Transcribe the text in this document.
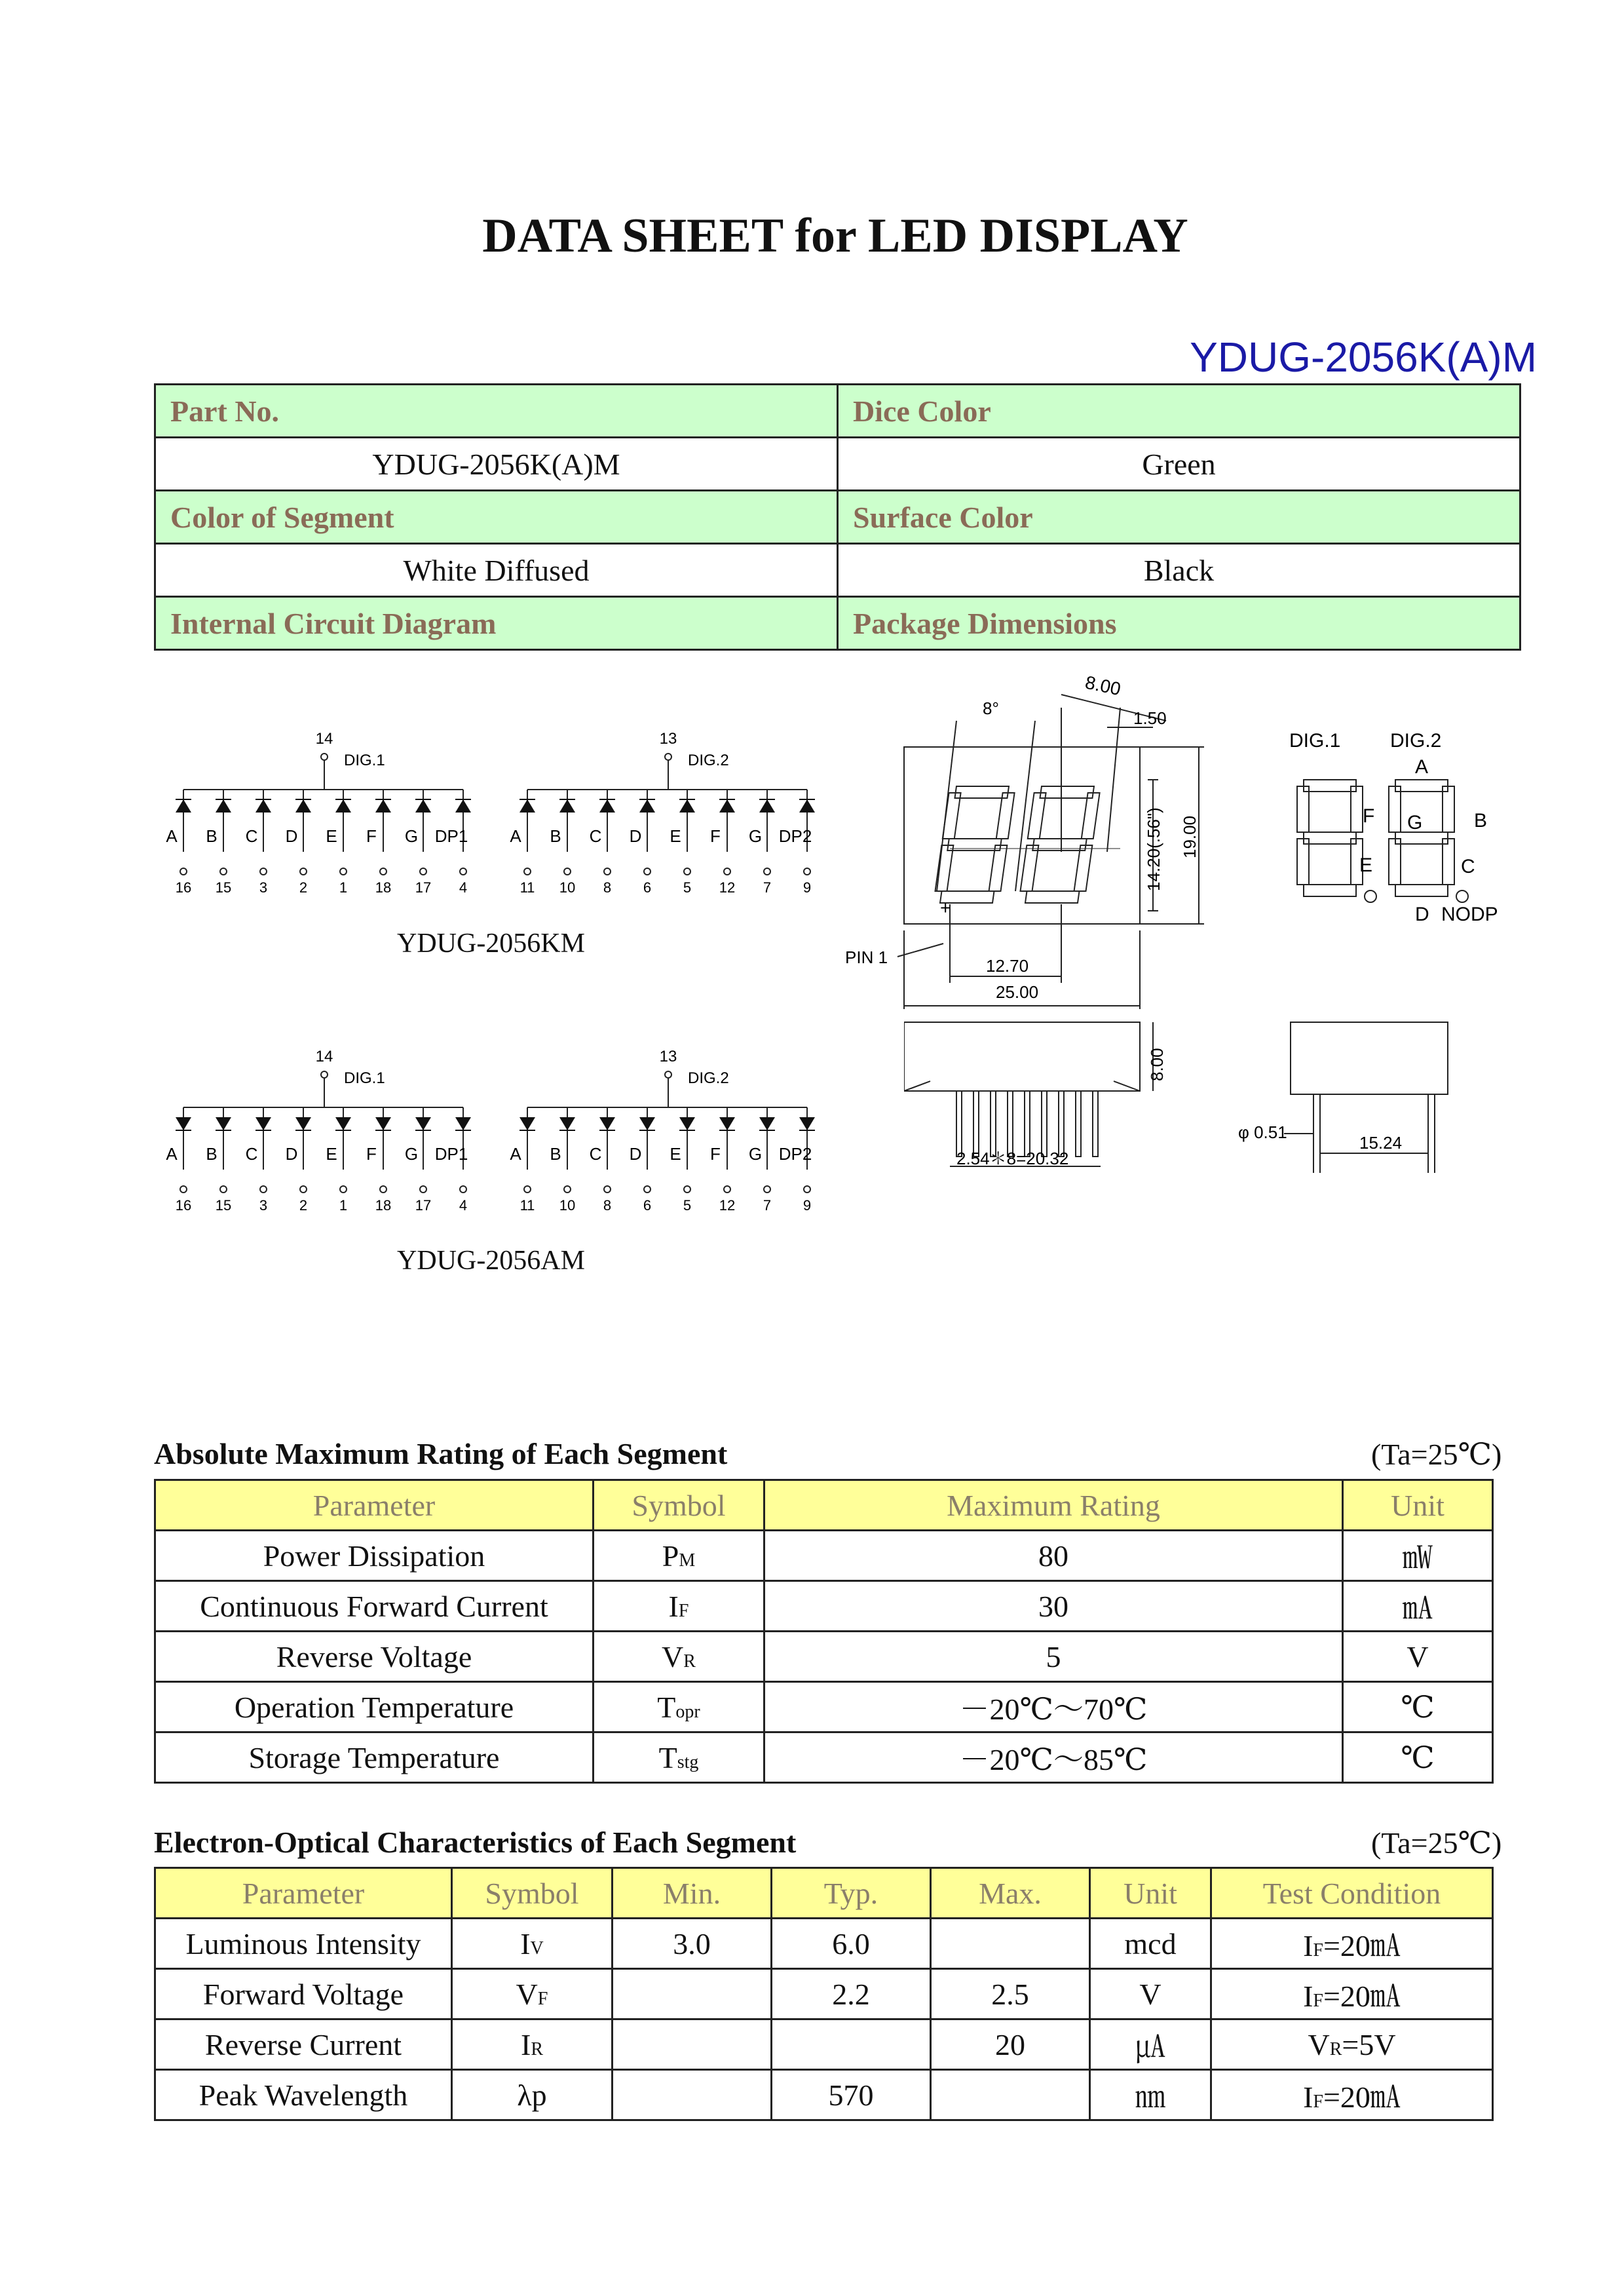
DATA SHEET for LED DISPLAY
YDUG-2056K(A)M
Part No.	Dice Color
YDUG-2056K(A)M	Green
Color of Segment	Surface Color
White Diffused	Black
Internal Circuit Diagram	Package Dimensions
14
DIG.1
A
16
B
15
C
3
D
2
E
1
F
18
G
17
DP1
4
13
DIG.2
A
11
B
10
C
8
D
6
E
5
F
12
G
7
DP2
9
YDUG-2056KM
14
DIG.1
A
16
B
15
C
3
D
2
E
1
F
18
G
17
DP1
4
13
DIG.2
A
11
B
10
C
8
D
6
E
5
F
12
G
7
DP2
9
YDUG-2056AM
8.00
8°	1.50
14.20(.56") 19.00
12.70
25.00
PIN 1
+
8.00
2.54＊8=20.32
φ 0.51
15.24
DIG.1	DIG.2
A
B
C
D
E
F G
NODP
Absolute Maximum Rating of Each Segment	(Ta=25℃)
Parameter	Symbol	Maximum Rating	Unit
Power Dissipation	PM	80	㎽
Continuous Forward Current	IF	30	㎃
Reverse Voltage	VR	5	V
Operation Temperature	Topr	－20℃～70℃	℃
Storage Temperature	Tstg	－20℃～85℃	℃
Electron-Optical Characteristics of Each Segment	(Ta=25℃)
Parameter	Symbol	Min.	Typ.	Max.	Unit	Test Condition
Luminous Intensity	IV	3.0	6.0		mcd	IF=20㎃
Forward Voltage	VF		2.2	2.5	V	IF=20㎃
Reverse Current	IR			20	㎂	VR=5V
Peak Wavelength	λp		570		㎚	IF=20㎃
